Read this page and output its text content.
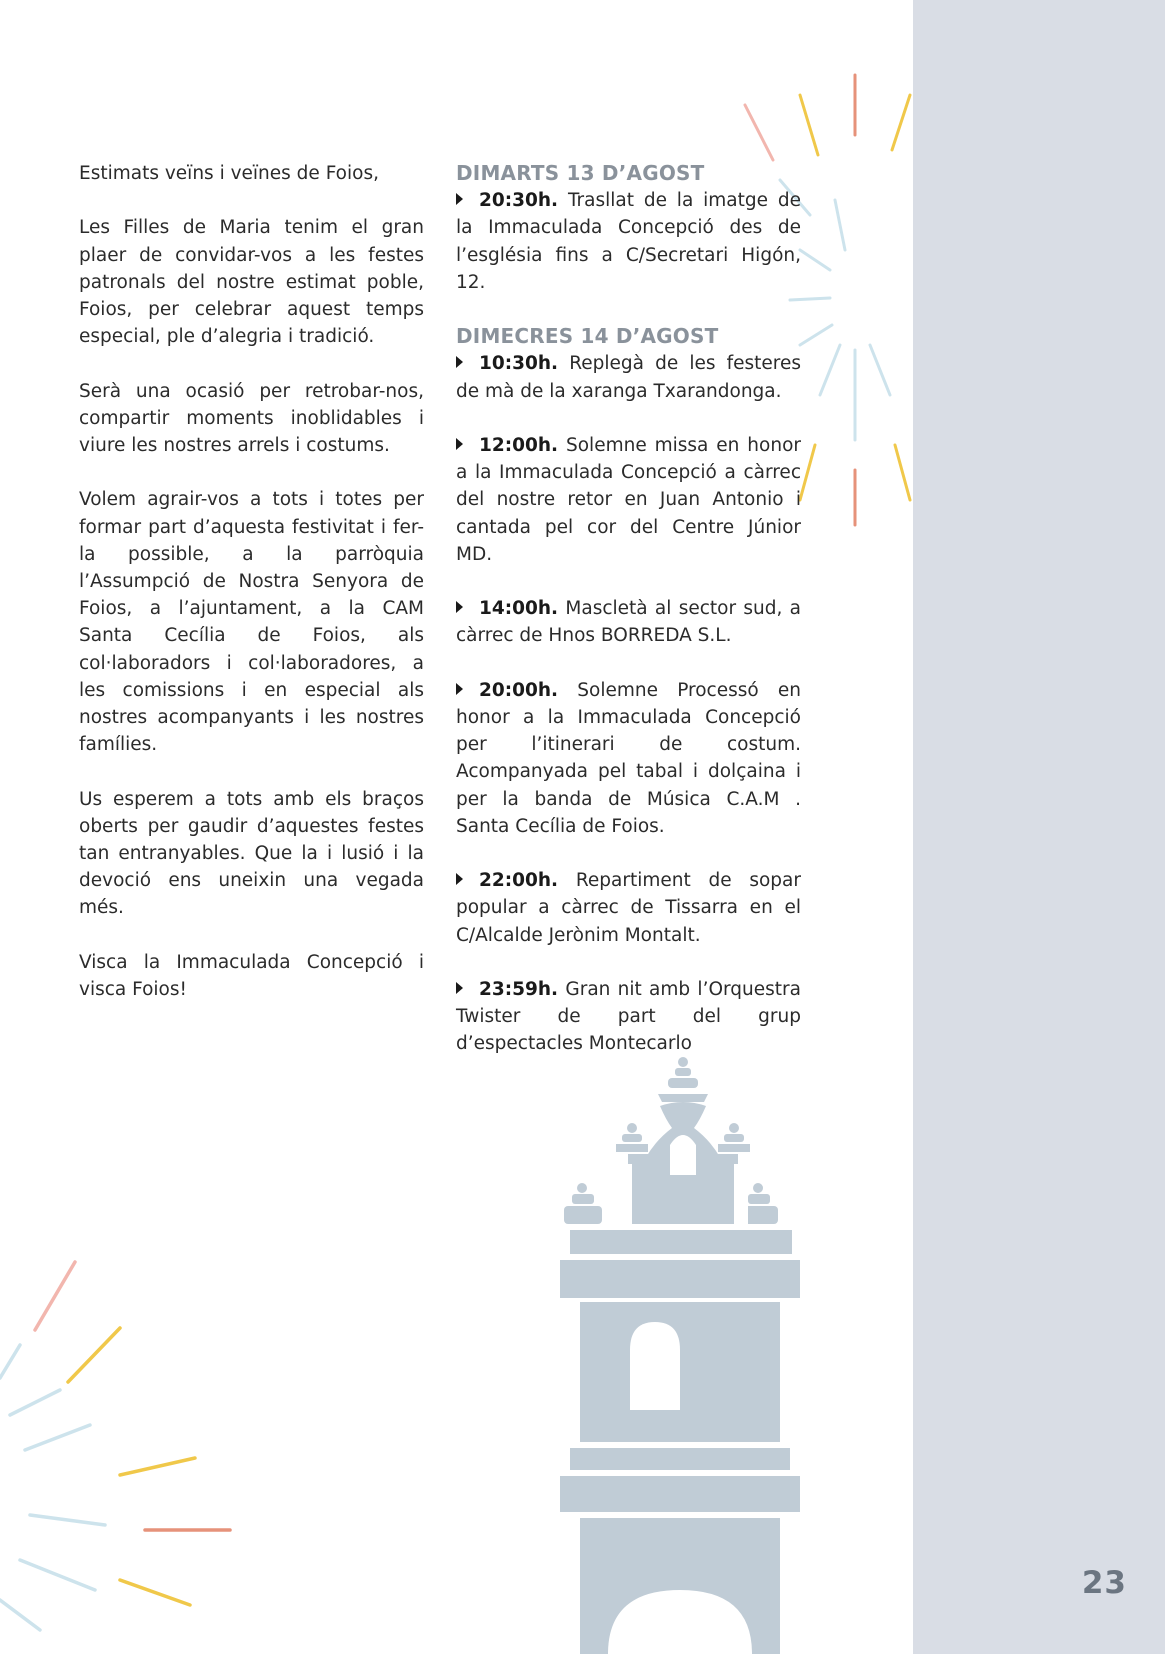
Estimats veïns i veïnes de Foios,

Les Filles de Maria tenim el gran plaer de convidar-vos a les festes patronals del nostre estimat poble, Foios, per celebrar aquest temps especial, ple d’alegria i tradició.

Serà una ocasió per retrobar-nos, compartir moments inoblidables i viure les nostres arrels i costums.

Volem agrair-vos a tots i totes per formar part d’aquesta festivitat i fer-la possible, a la parròquia l’Assumpció de Nostra Senyora de Foios, a l’ajuntament, a la CAM Santa Cecília de Foios, als col·laboradors i col·laboradores, a les comissions i en especial als nostres acompanyants i les nostres famílies.

Us esperem a tots amb els braços oberts per gaudir d’aquestes festes tan entranyables. Que la i lusió i la devoció ens uneixin una vegada més.

Visca la Immaculada Concepció i visca Foios!

DIMARTS 13 D’AGOST

20:30h. Trasllat de la imatge de la Immaculada Concepció des de l’església fins a C/Secretari Higón, 12.

DIMECRES 14 D’AGOST

10:30h. Replegà de les festeres de mà de la xaranga Txarandonga.

12:00h. Solemne missa en honor a la Immaculada Concepció a càrrec del nostre retor en Juan Antonio i cantada pel cor del Centre Júnior MD.

14:00h. Mascletà al sector sud, a càrrec de Hnos BORREDA S.L.

20:00h. Solemne Processó en honor a la Immaculada Concepció per l’itinerari de costum. Acompanyada pel tabal i dolçaina i per la banda de Música C.A.M . Santa Cecília de Foios.

22:00h. Repartiment de sopar popular a càrrec de Tissarra en el C/Alcalde Jerònim Montalt.

23:59h. Gran nit amb l’Orquestra Twister de part del grup d’espectacles Montecarlo

23
